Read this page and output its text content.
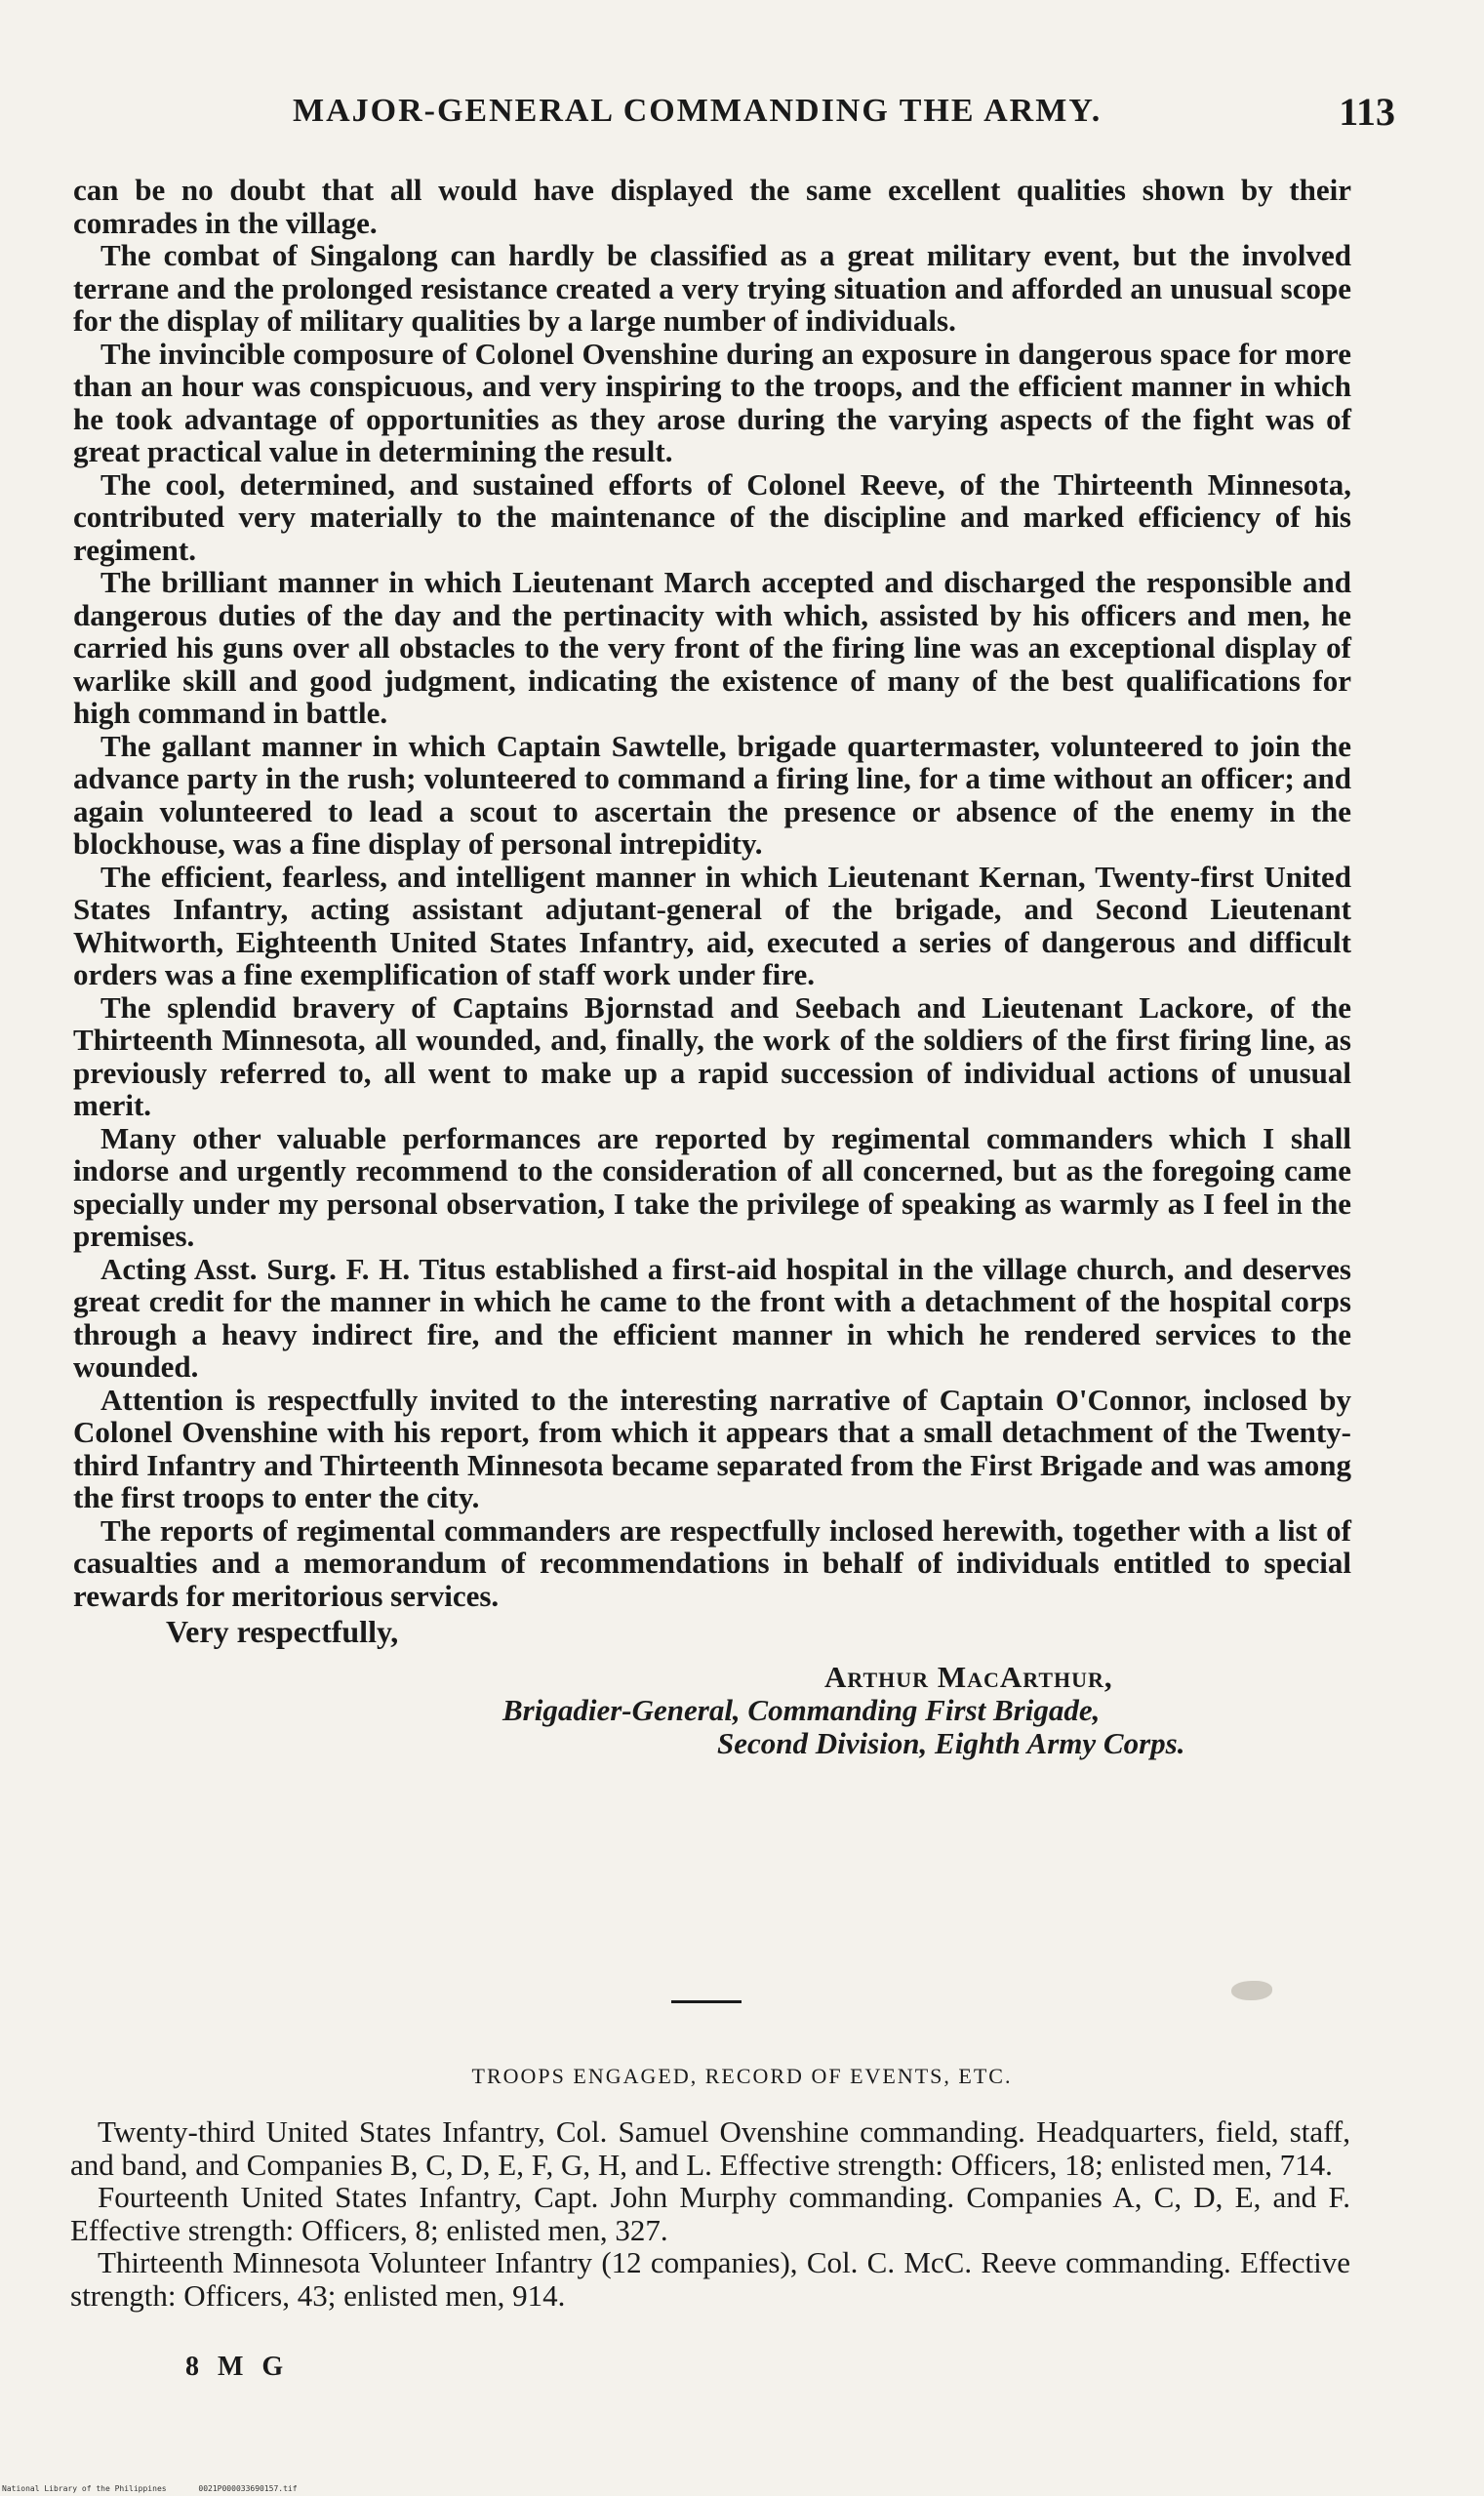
MAJOR-GENERAL COMMANDING THE ARMY.	113

can be no doubt that all would have displayed the same excellent qualities shown by their comrades in the village.

The combat of Singalong can hardly be classified as a great military event, but the involved terrane and the prolonged resistance created a very trying situation and afforded an unusual scope for the display of military qualities by a large number of individuals.

The invincible composure of Colonel Ovenshine during an exposure in dangerous space for more than an hour was conspicuous, and very inspiring to the troops, and the efficient manner in which he took advantage of opportunities as they arose during the varying aspects of the fight was of great practical value in determining the result.

The cool, determined, and sustained efforts of Colonel Reeve, of the Thirteenth Minnesota, contributed very materially to the maintenance of the discipline and marked efficiency of his regiment.

The brilliant manner in which Lieutenant March accepted and discharged the responsible and dangerous duties of the day and the pertinacity with which, assisted by his officers and men, he carried his guns over all obstacles to the very front of the firing line was an exceptional display of warlike skill and good judgment, indicating the existence of many of the best qualifications for high command in battle.

The gallant manner in which Captain Sawtelle, brigade quartermaster, volunteered to join the advance party in the rush; volunteered to command a firing line, for a time without an officer; and again volunteered to lead a scout to ascertain the presence or absence of the enemy in the blockhouse, was a fine display of personal intrepidity.

The efficient, fearless, and intelligent manner in which Lieutenant Kernan, Twenty-first United States Infantry, acting assistant adjutant-general of the brigade, and Second Lieutenant Whitworth, Eighteenth United States Infantry, aid, executed a series of dangerous and difficult orders was a fine exemplification of staff work under fire.

The splendid bravery of Captains Bjornstad and Seebach and Lieutenant Lackore, of the Thirteenth Minnesota, all wounded, and, finally, the work of the soldiers of the first firing line, as previously referred to, all went to make up a rapid succession of individual actions of unusual merit.

Many other valuable performances are reported by regimental commanders which I shall indorse and urgently recommend to the consideration of all concerned, but as the foregoing came specially under my personal observation, I take the privilege of speaking as warmly as I feel in the premises.

Acting Asst. Surg. F. H. Titus established a first-aid hospital in the village church, and deserves great credit for the manner in which he came to the front with a detachment of the hospital corps through a heavy indirect fire, and the efficient manner in which he rendered services to the wounded.

Attention is respectfully invited to the interesting narrative of Captain O'Connor, inclosed by Colonel Ovenshine with his report, from which it appears that a small detachment of the Twenty-third Infantry and Thirteenth Minnesota became separated from the First Brigade and was among the first troops to enter the city.

The reports of regimental commanders are respectfully inclosed herewith, together with a list of casualties and a memorandum of recommendations in behalf of individuals entitled to special rewards for meritorious services.

Very respectfully,
Arthur MacArthur,
Brigadier-General, Commanding First Brigade,
Second Division, Eighth Army Corps.
TROOPS ENGAGED, RECORD OF EVENTS, ETC.

Twenty-third United States Infantry, Col. Samuel Ovenshine commanding. Headquarters, field, staff, and band, and Companies B, C, D, E, F, G, H, and L. Effective strength: Officers, 18; enlisted men, 714.

Fourteenth United States Infantry, Capt. John Murphy commanding. Companies A, C, D, E, and F. Effective strength: Officers, 8; enlisted men, 327.

Thirteenth Minnesota Volunteer Infantry (12 companies), Col. C. McC. Reeve commanding. Effective strength: Officers, 43; enlisted men, 914.

8 M G
National Library of the Philippines	0021P000033690157.tif
